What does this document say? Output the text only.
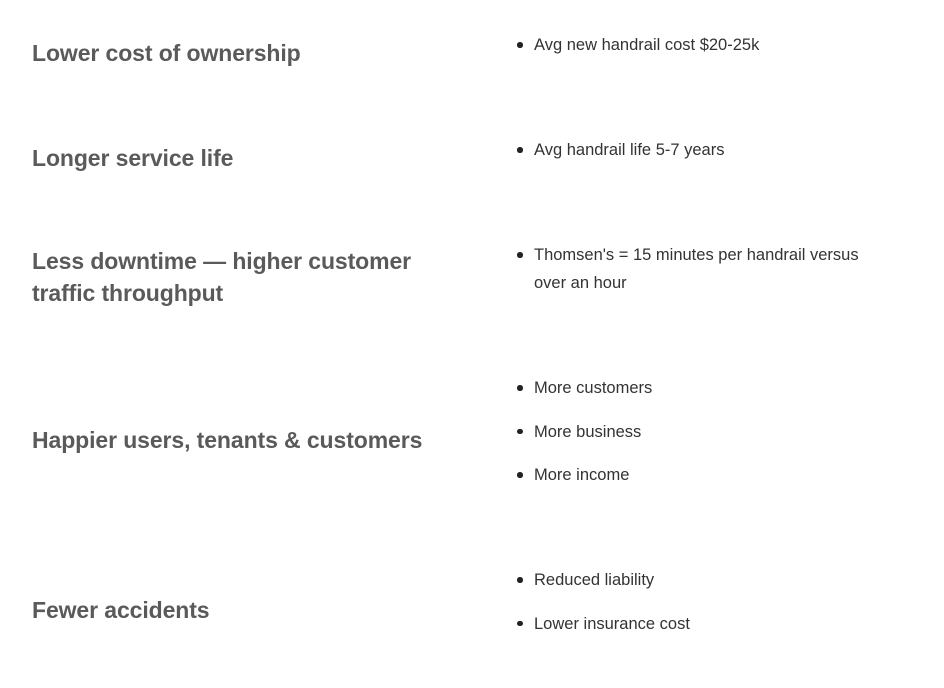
Lower cost of ownership	Avg new handrail cost $20-25k
Longer service life	Avg handrail life 5-7 years
Less downtime — higher customer traffic throughput
Thomsen's = 15 minutes per handrail versus over an hour
Happier users, tenants & customers
More customers
More business
More income
Fewer accidents
Reduced liability
Lower insurance cost
